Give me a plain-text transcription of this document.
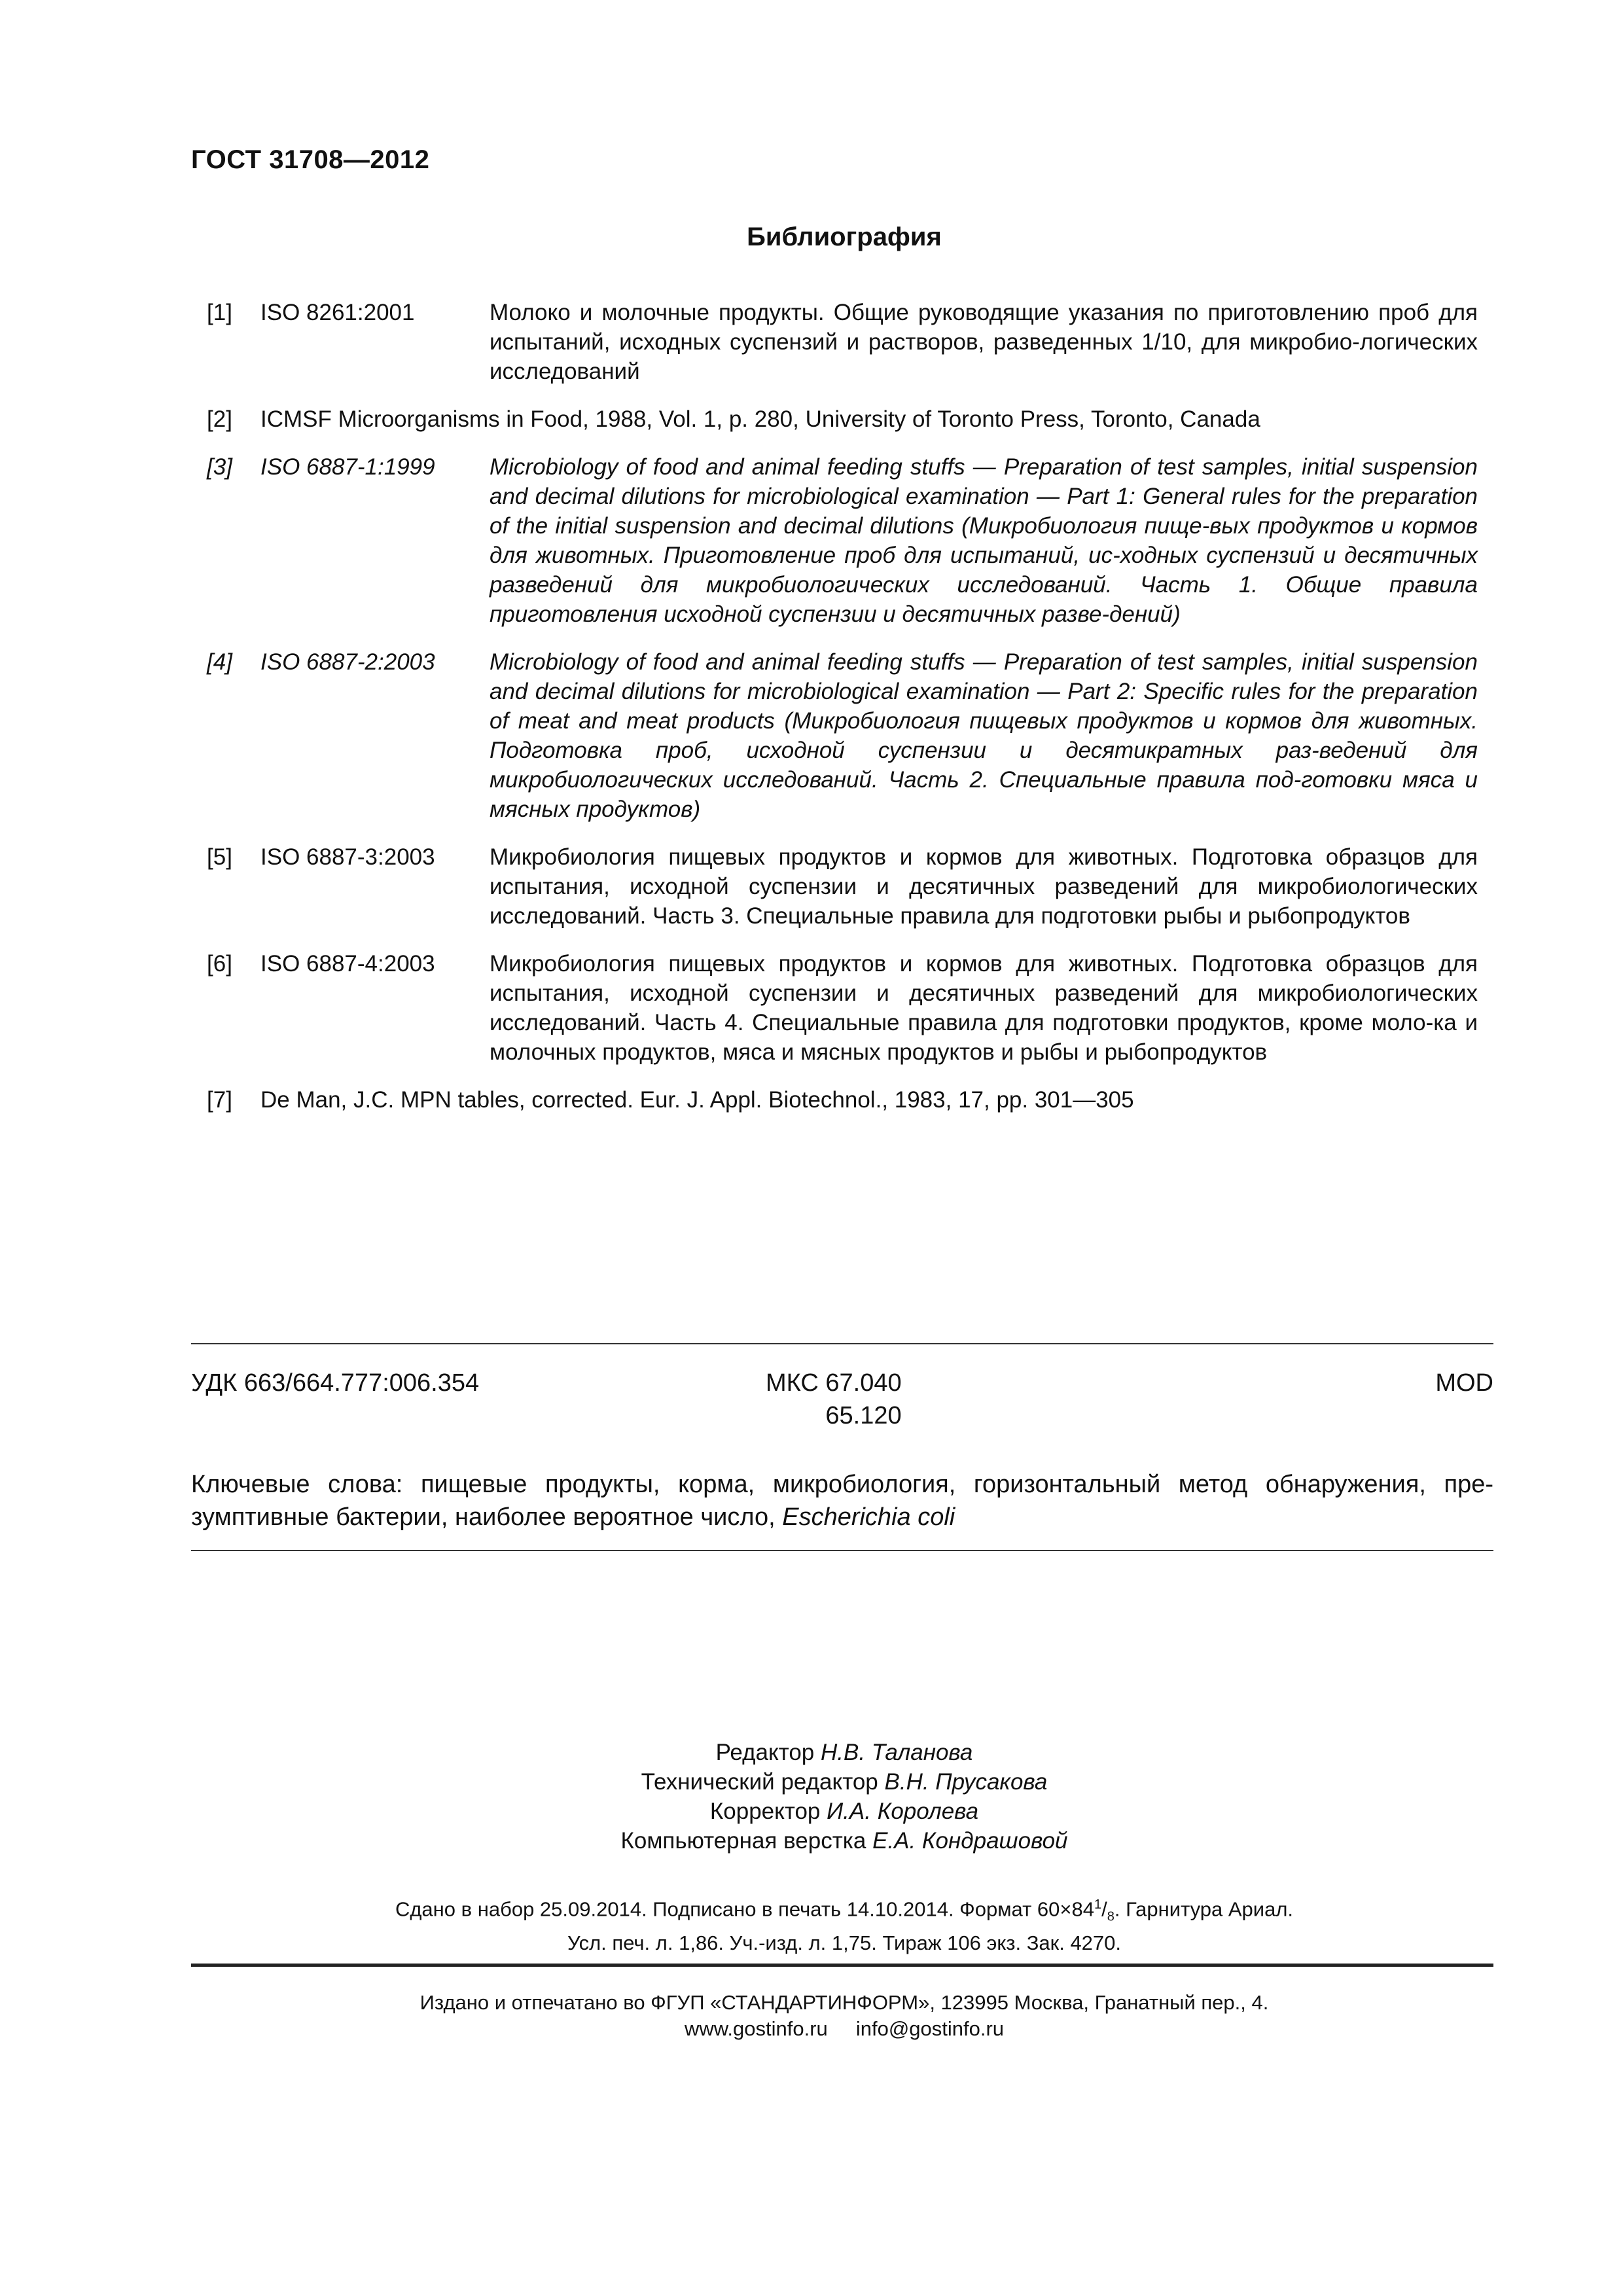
ГОСТ 31708—2012
Библиография
[1]	ISO 8261:2001	Молоко и молочные продукты. Общие руководящие указания по приготовлению проб для испытаний, исходных суспензий и растворов, разведенных 1/10, для микробио-логических исследований
[2]	ICMSF Microorganisms in Food, 1988, Vol. 1, p. 280, University of Toronto Press, Toronto, Canada
[3]	ISO 6887-1:1999	Microbiology of food and animal feeding stuffs — Preparation of test samples, initial suspension and decimal dilutions for microbiological examination — Part 1: General rules for the preparation of the initial suspension and decimal dilutions (Микробиология пище-вых продуктов и кормов для животных. Приготовление проб для испытаний, ис-ходных суспензий и десятичных разведений для микробиологических исследований. Часть 1. Общие правила приготовления исходной суспензии и десятичных разве-дений)
[4]	ISO 6887-2:2003	Microbiology of food and animal feeding stuffs — Preparation of test samples, initial suspension and decimal dilutions for microbiological examination — Part 2: Specific rules for the preparation of meat and meat products (Микробиология пищевых продуктов и кормов для животных. Подготовка проб, исходной суспензии и десятикратных раз-ведений для микробиологических исследований. Часть 2. Специальные правила под-готовки мяса и мясных продуктов)
[5]	ISO 6887-3:2003	Микробиология пищевых продуктов и кормов для животных. Подготовка образцов для испытания, исходной суспензии и десятичных разведений для микробиологических исследований. Часть 3. Специальные правила для подготовки рыбы и рыбопродуктов
[6]	ISO 6887-4:2003	Микробиология пищевых продуктов и кормов для животных. Подготовка образцов для испытания, исходной суспензии и десятичных разведений для микробиологических исследований. Часть 4. Специальные правила для подготовки продуктов, кроме моло-ка и молочных продуктов, мяса и мясных продуктов и рыбы и рыбопродуктов
[7]	De Man, J.C. MPN tables, corrected. Eur. J. Appl. Biotechnol., 1983, 17, pp. 301—305
УДК 663/664.777:006.354	МКС 67.040
65.120
MOD
Ключевые слова: пищевые продукты, корма, микробиология, горизонтальный метод обнаружения, пре-зумптивные бактерии, наиболее вероятное число, Escherichia coli
Редактор Н.В. Таланова
Технический редактор В.Н. Прусакова
Корректор И.А. Королева
Компьютерная верстка Е.А. Кондрашовой
Сдано в набор 25.09.2014. Подписано в печать 14.10.2014. Формат $60\times 84^1/_8$. Гарнитура Ариал.
Усл. печ. л. 1,86. Уч.-изд. л. 1,75. Тираж 106 экз. Зак. 4270.
Издано и отпечатано во ФГУП «СТАНДАРТИНФОРМ», 123995 Москва, Гранатный пер., 4.
www.gostinfo.ru     info@gostinfo.ru
